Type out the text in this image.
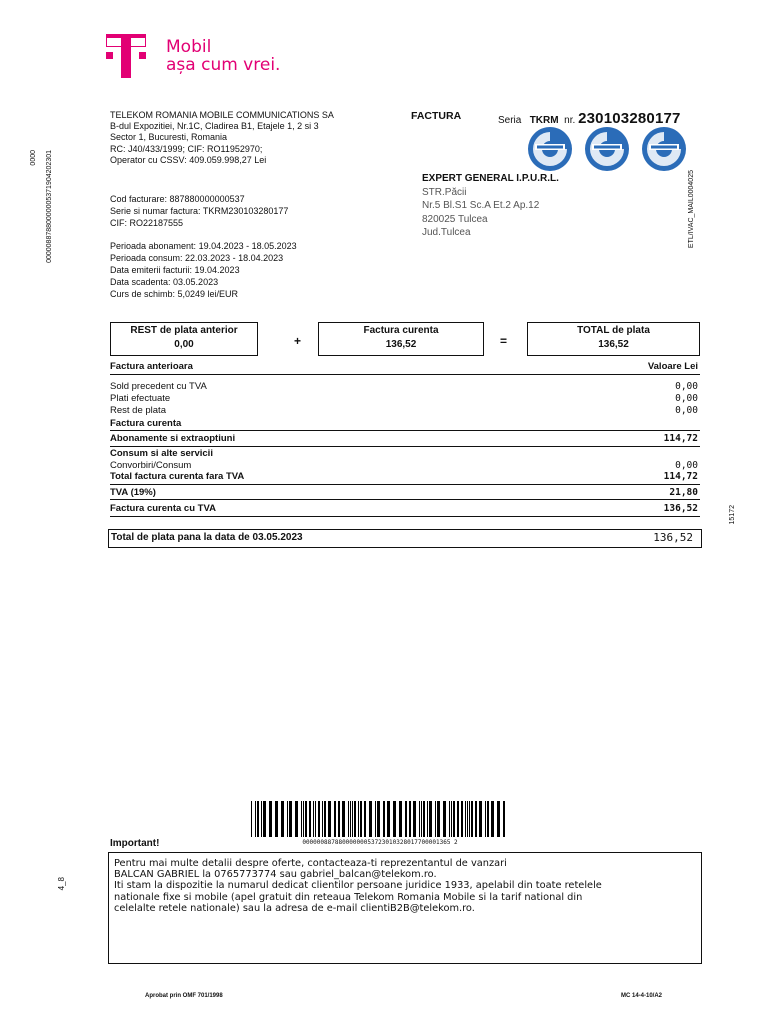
Mobil
așa cum vrei.
0000 00000887880000005371904202301	ETL/IVAC_MAIL0004025
15172
4_8
TELEKOM ROMANIA MOBILE COMMUNICATIONS SA
B-dul Expozitiei, Nr.1C, Cladirea B1, Etajele 1, 2 si 3
Sector 1, Bucuresti, Romania
RC: J40/433/1999; CIF: RO11952970;
Operator cu CSSV: 409.059.998,27 Lei
FACTURA	Seria TKRM nr. 230103280177
EXPERT GENERAL I.P.U.R.L.
STR.Păcii
Nr.5 Bl.S1 Sc.A Et.2 Ap.12
820025 Tulcea
Jud.Tulcea
Cod facturare: 887880000000537
Serie si numar factura: TKRM230103280177
CIF: RO22187555
Perioada abonament: 19.04.2023 - 18.05.2023
Perioada consum: 22.03.2023 - 18.04.2023
Data emiterii facturii: 19.04.2023
Data scadenta: 03.05.2023
Curs de schimb: 5,0249 lei/EUR
REST de plata anterior
0,00	+
Factura curenta
136,52	=
TOTAL de plata
136,52
Factura anterioara	Valoare Lei
Sold precedent cu TVA	0,00
Plati efectuate	0,00
Rest de plata	0,00
Factura curenta
Abonamente si extraoptiuni	114,72
Consum si alte servicii
Convorbiri/Consum	0,00
Total factura curenta fara TVA	114,72
TVA (19%)	21,80
Factura curenta cu TVA	136,52
Total de plata pana la data de 03.05.2023	136,52
00000088788000000053723010328017700001365 2
Important!
Pentru mai multe detalii despre oferte, contacteaza-ti reprezentantul de vanzari
BALCAN GABRIEL la 0765773774 sau gabriel_balcan@telekom.ro.
Iti stam la dispozitie la numarul dedicat clientilor persoane juridice 1933, apelabil din toate retelele
nationale fixe si mobile (apel gratuit din reteaua Telekom Romania Mobile si la tarif national din
celelalte retele nationale) sau la adresa de e-mail clientiB2B@telekom.ro.
Aprobat prin OMF 701/1998	MC 14-4-10/A2
